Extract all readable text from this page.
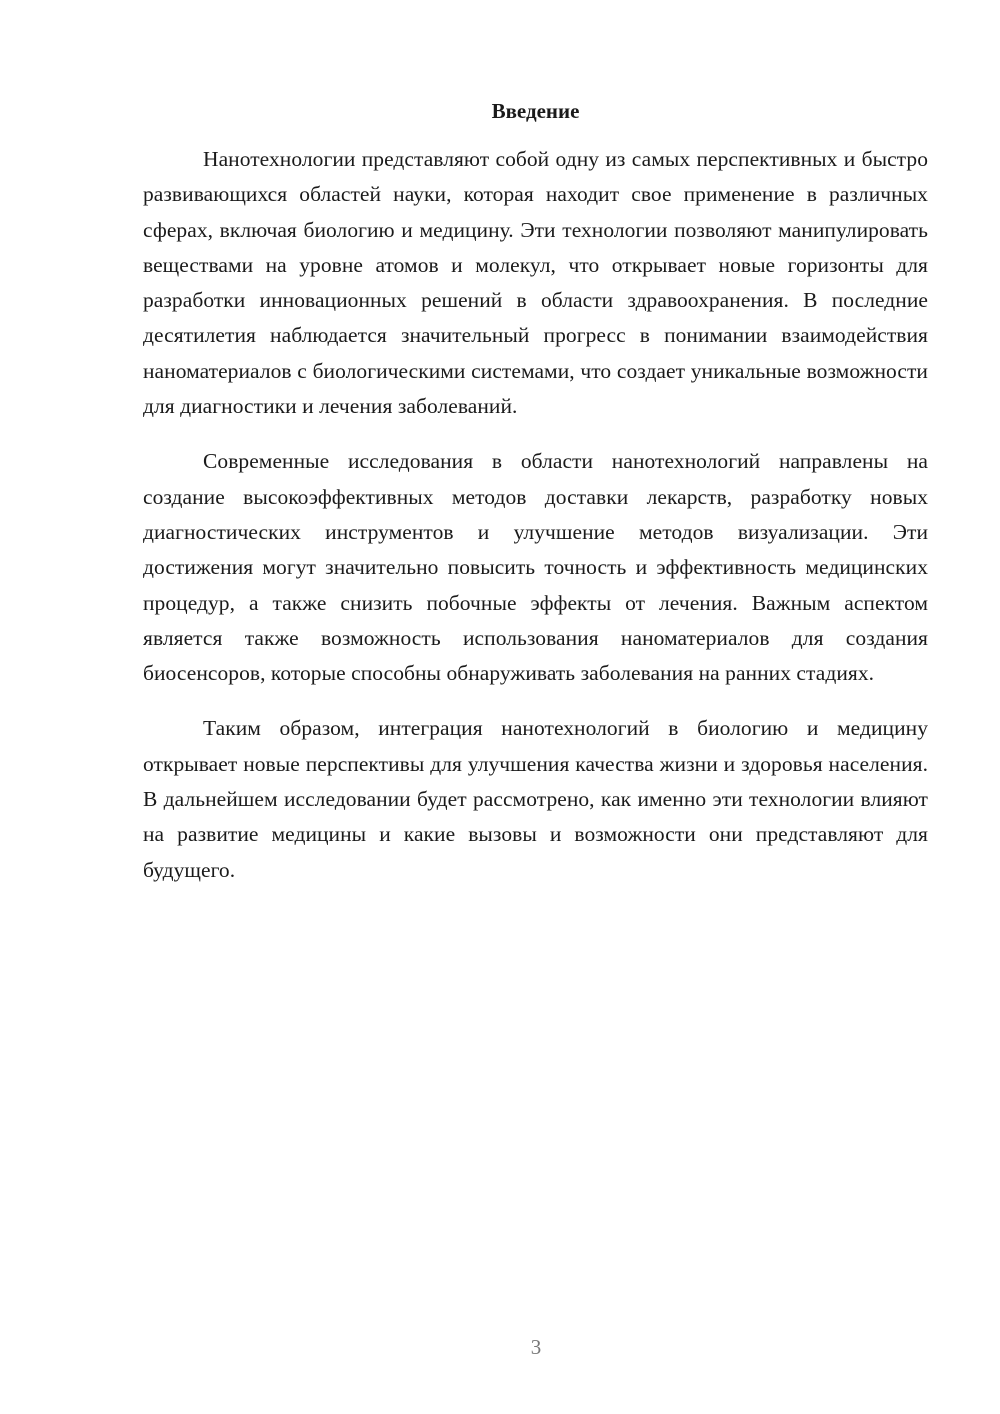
Введение

Нанотехнологии представляют собой одну из самых перспективных и быстро развивающихся областей науки, которая находит свое применение в различных сферах, включая биологию и медицину. Эти технологии позволяют манипулировать веществами на уровне атомов и молекул, что открывает новые горизонты для разработки инновационных решений в области здравоохранения. В последние десятилетия наблюдается значительный прогресс в понимании взаимодействия наноматериалов с биологическими системами, что создает уникальные возможности для диагностики и лечения заболеваний.

Современные исследования в области нанотехнологий направлены на создание высокоэффективных методов доставки лекарств, разработку новых диагностических инструментов и улучшение методов визуализации. Эти достижения могут значительно повысить точность и эффективность медицинских процедур, а также снизить побочные эффекты от лечения. Важным аспектом является также возможность использования наноматериалов для создания биосенсоров, которые способны обнаруживать заболевания на ранних стадиях.

Таким образом, интеграция нанотехнологий в биологию и медицину открывает новые перспективы для улучшения качества жизни и здоровья населения. В дальнейшем исследовании будет рассмотрено, как именно эти технологии влияют на развитие медицины и какие вызовы и возможности они представляют для будущего.

3
